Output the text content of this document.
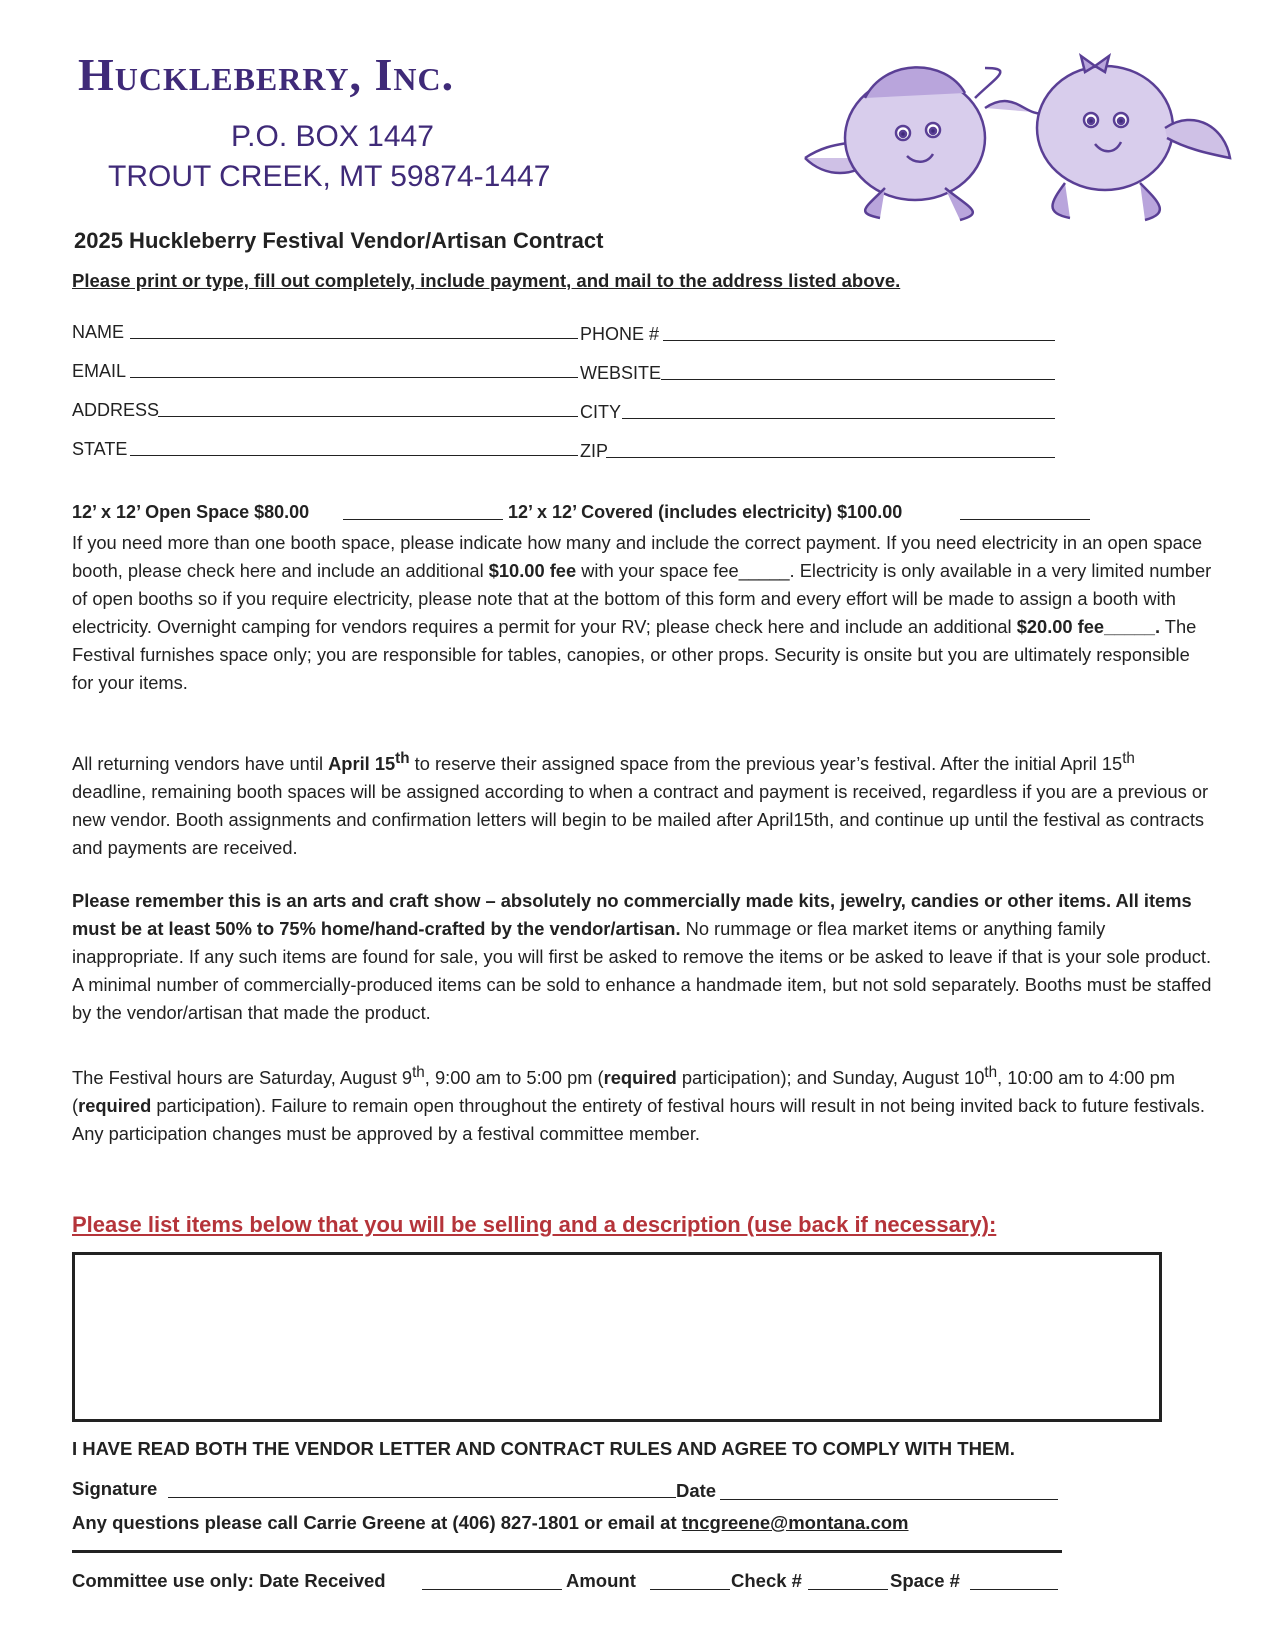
Huckleberry, Inc.
P.O. BOX 1447
TROUT CREEK, MT 59874-1447
2025 Huckleberry Festival Vendor/Artisan Contract
Please print or type, fill out completely, include payment, and mail to the address listed above.
NAME	PHONE #
EMAIL	WEBSITE
ADDRESS	CITY
STATE	ZIP
12’ x 12’ Open Space $80.00	12’ x 12’ Covered (includes electricity) $100.00
If you need more than one booth space, please indicate how many and include the correct payment. If you need electricity in an open space booth, please check here and include an additional $10.00 fee with your space fee_____. Electricity is only available in a very limited number of open booths so if you require electricity, please note that at the bottom of this form and every effort will be made to assign a booth with electricity. Overnight camping for vendors requires a permit for your RV; please check here and include an additional $20.00 fee_____. The Festival furnishes space only; you are responsible for tables, canopies, or other props. Security is onsite but you are ultimately responsible for your items.
All returning vendors have until April 15th to reserve their assigned space from the previous year’s festival. After the initial April 15th deadline, remaining booth spaces will be assigned according to when a contract and payment is received, regardless if you are a previous or new vendor. Booth assignments and confirmation letters will begin to be mailed after April15th, and continue up until the festival as contracts and payments are received.
Please remember this is an arts and craft show – absolutely no commercially made kits, jewelry, candies or other items. All items must be at least 50% to 75% home/hand-crafted by the vendor/artisan. No rummage or flea market items or anything family inappropriate. If any such items are found for sale, you will first be asked to remove the items or be asked to leave if that is your sole product. A minimal number of commercially-produced items can be sold to enhance a handmade item, but not sold separately. Booths must be staffed by the vendor/artisan that made the product.
The Festival hours are Saturday, August 9th, 9:00 am to 5:00 pm (required participation); and Sunday, August 10th, 10:00 am to 4:00 pm (required participation). Failure to remain open throughout the entirety of festival hours will result in not being invited back to future festivals. Any participation changes must be approved by a festival committee member.
Please list items below that you will be selling and a description (use back if necessary):
I HAVE READ BOTH THE VENDOR LETTER AND CONTRACT RULES AND AGREE TO COMPLY WITH THEM.
Signature	Date
Any questions please call Carrie Greene at (406) 827-1801 or email at tncgreene@montana.com
Committee use only: Date Received	Amount	Check #	Space #
